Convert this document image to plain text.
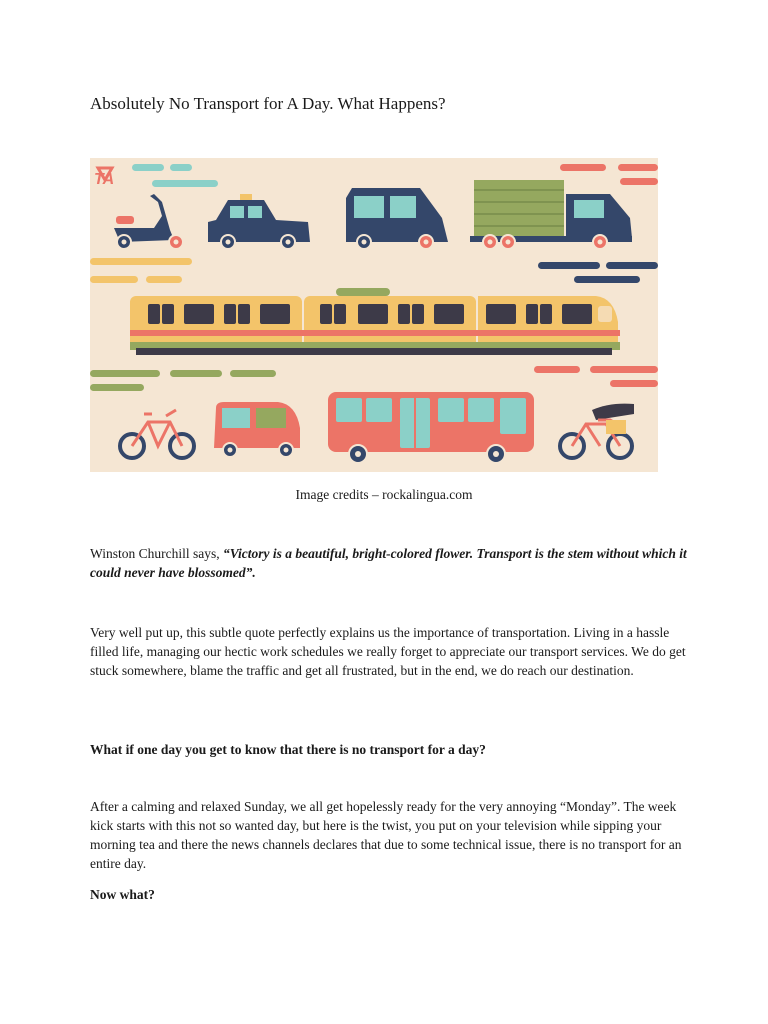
Absolutely No Transport for A Day. What Happens?
TA
Image credits – rockalingua.com

Winston Churchill says, “Victory is a beautiful, bright-colored flower. Transport is the stem without which it could never have blossomed”.

Very well put up, this subtle quote perfectly explains us the importance of transportation. Living in a hassle filled life, managing our hectic work schedules we really forget to appreciate our transport services. We do get stuck somewhere, blame the traffic and get all frustrated, but in the end, we do reach our destination.

What if one day you get to know that there is no transport for a day?

After a calming and relaxed Sunday, we all get hopelessly ready for the very annoying “Monday”. The week kick starts with this not so wanted day, but here is the twist, you put on your television while sipping your morning tea and there the news channels declares that due to some technical issue, there is no transport for an entire day.

Now what?
